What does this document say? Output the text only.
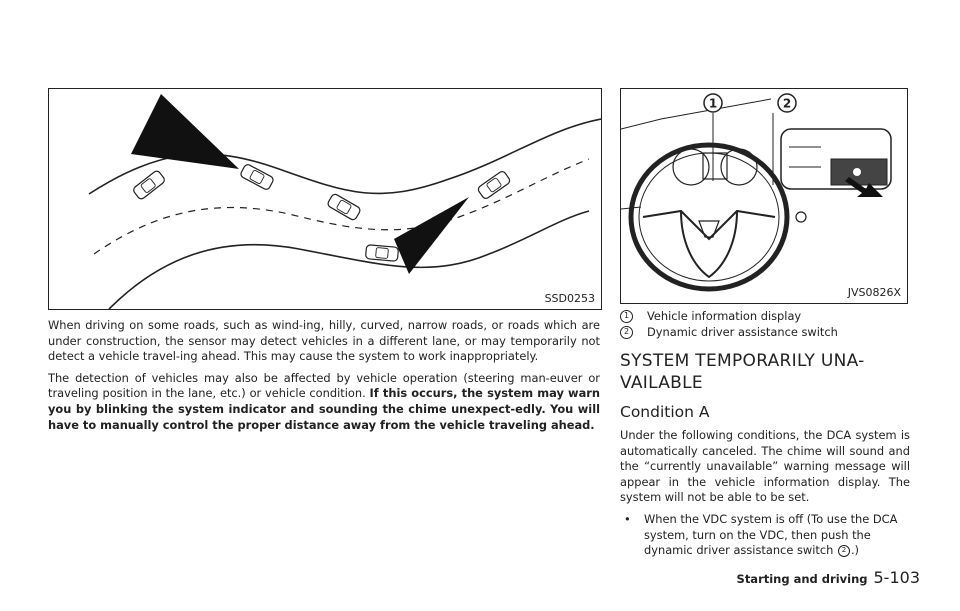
SSD0253
1	2
JVS0826X

When driving on some roads, such as wind-ing, hilly, curved, narrow roads, or roads which are under construction, the sensor may detect vehicles in a different lane, or may temporarily not detect a vehicle travel-ing ahead. This may cause the system to work inappropriately.

The detection of vehicles may also be affected by vehicle operation (steering man-euver or traveling position in the lane, etc.) or vehicle condition. If this occurs, the system may warn you by blinking the system indicator and sounding the chime unexpect-edly. You will have to manually control the proper distance away from the vehicle traveling ahead.

1	Vehicle information display
2	Dynamic driver assistance switch
SYSTEM TEMPORARILY UNA-VAILABLE
Condition A

Under the following conditions, the DCA system is automatically canceled. The chime will sound and the “currently unavailable” warning message will appear in the vehicle information display. The system will not be able to be set.

•	When the VDC system is off (To use the DCA system, turn on the VDC, then push the dynamic driver assistance switch 2 .)
Starting and driving 5-103
